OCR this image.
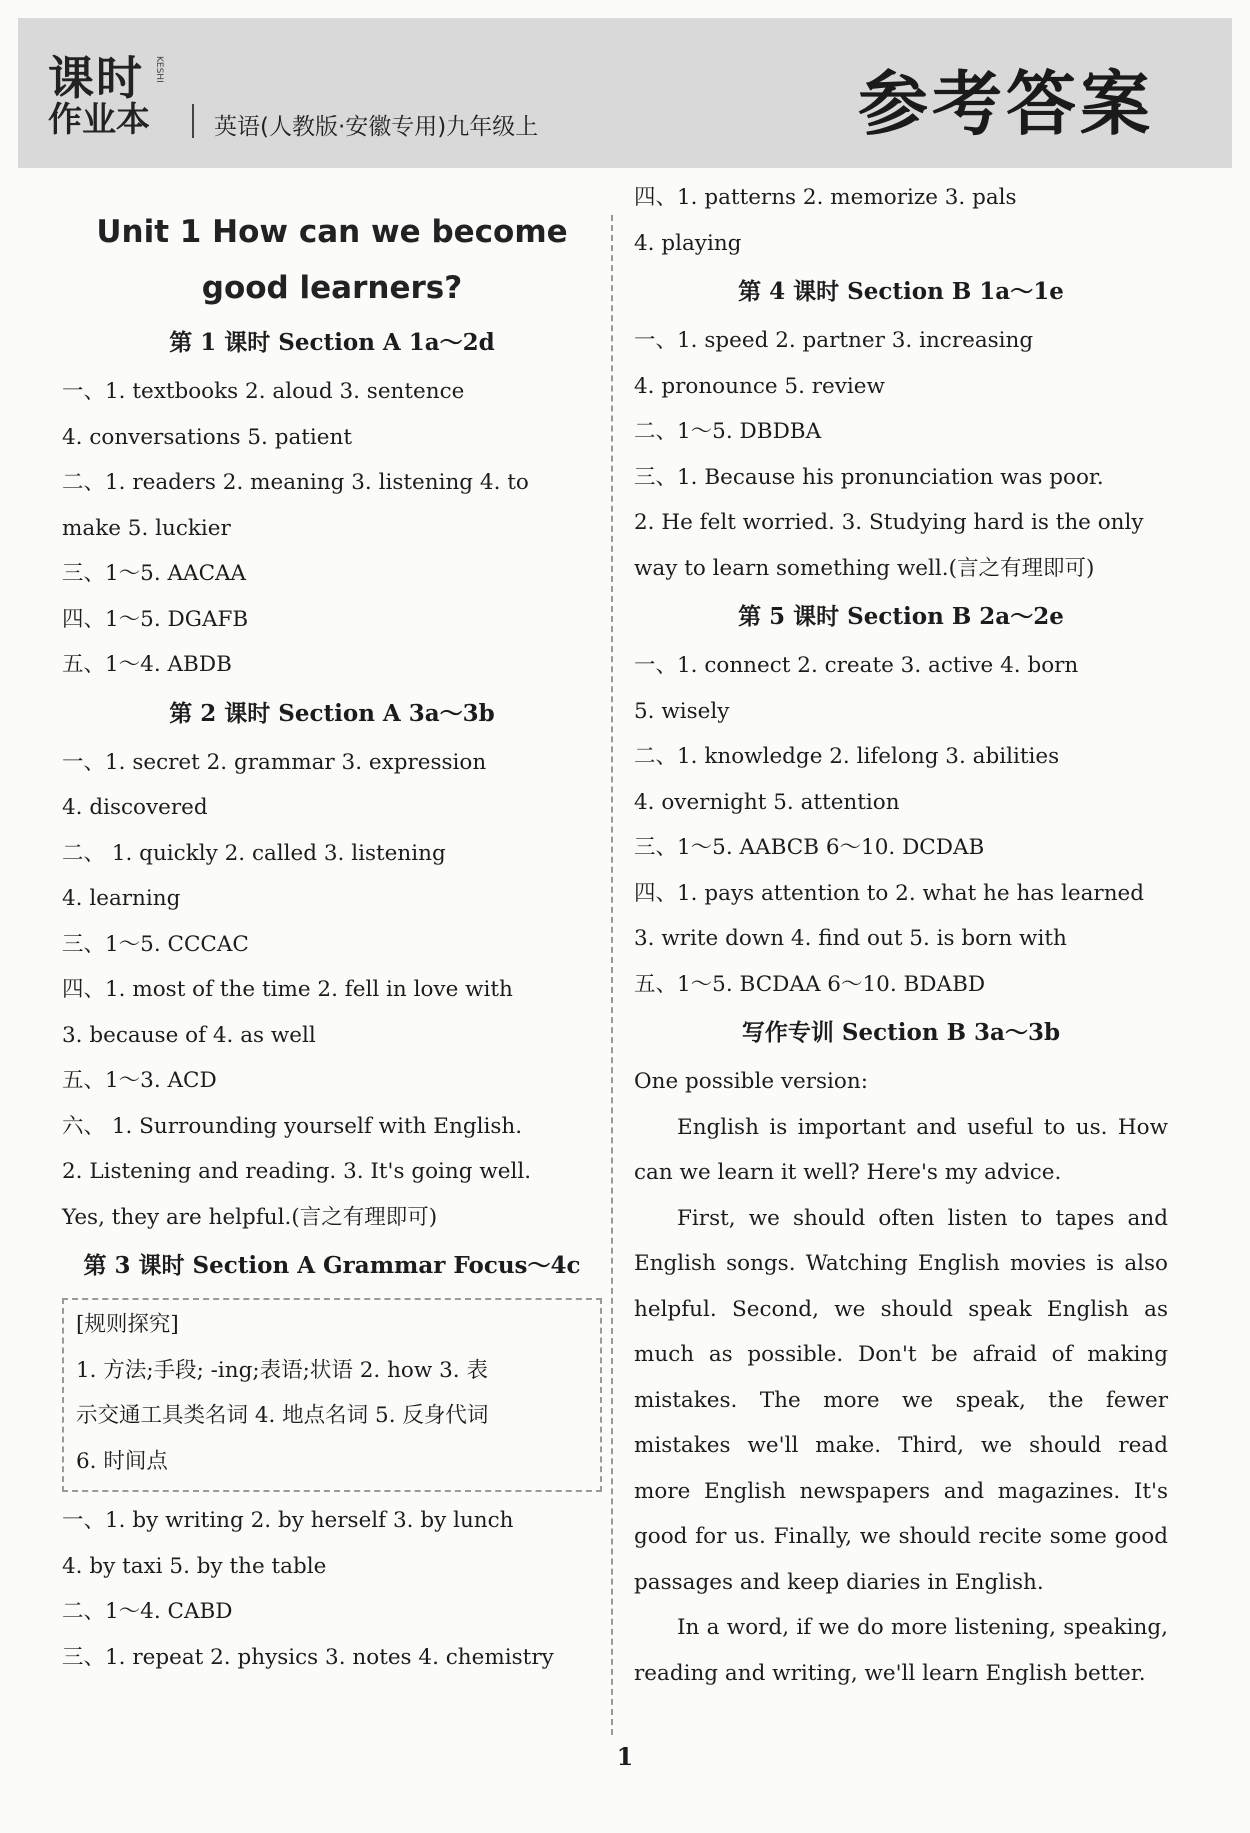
课时 KESHI
作业本	英语(人教版·安徽专用)九年级上	参考答案

Unit 1 How can we become

good learners?

第 1 课时 Section A 1a～2d

一、1. textbooks 2. aloud 3. sentence

4. conversations 5. patient

二、1. readers 2. meaning 3. listening 4. to

make 5. luckier

三、1～5. AACAA

四、1～5. DGAFB

五、1～4. ABDB

第 2 课时 Section A 3a～3b

一、1. secret 2. grammar 3. expression

4. discovered

二、 1. quickly 2. called 3. listening

4. learning

三、1～5. CCCAC

四、1. most of the time 2. fell in love with

3. because of 4. as well

五、1～3. ACD

六、 1. Surrounding yourself with English.

2. Listening and reading. 3. It's going well.

Yes, they are helpful.(言之有理即可)

第 3 课时 Section A Grammar Focus～4c

[规则探究]

1. 方法;手段; -ing;表语;状语 2. how 3. 表

示交通工具类名词 4. 地点名词 5. 反身代词

6. 时间点

一、1. by writing 2. by herself 3. by lunch

4. by taxi 5. by the table

二、1～4. CABD

三、1. repeat 2. physics 3. notes 4. chemistry

四、1. patterns 2. memorize 3. pals

4. playing

第 4 课时 Section B 1a～1e

一、1. speed 2. partner 3. increasing

4. pronounce 5. review

二、1～5. DBDBA

三、1. Because his pronunciation was poor.

2. He felt worried. 3. Studying hard is the only

way to learn something well.(言之有理即可)

第 5 课时 Section B 2a～2e

一、1. connect 2. create 3. active 4. born

5. wisely

二、1. knowledge 2. lifelong 3. abilities

4. overnight 5. attention

三、1～5. AABCB 6～10. DCDAB

四、1. pays attention to 2. what he has learned

3. write down 4. find out 5. is born with

五、1～5. BCDAA 6～10. BDABD

写作专训 Section B 3a～3b

One possible version:

English is important and useful to us. How can we learn it well? Here's my advice.

First, we should often listen to tapes and English songs. Watching English movies is also helpful. Second, we should speak English as much as possible. Don't be afraid of making mistakes. The more we speak, the fewer mistakes we'll make. Third, we should read more English newspapers and magazines. It's good for us. Finally, we should recite some good passages and keep diaries in English.

In a word, if we do more listening, speaking, reading and writing, we'll learn English better.

1
